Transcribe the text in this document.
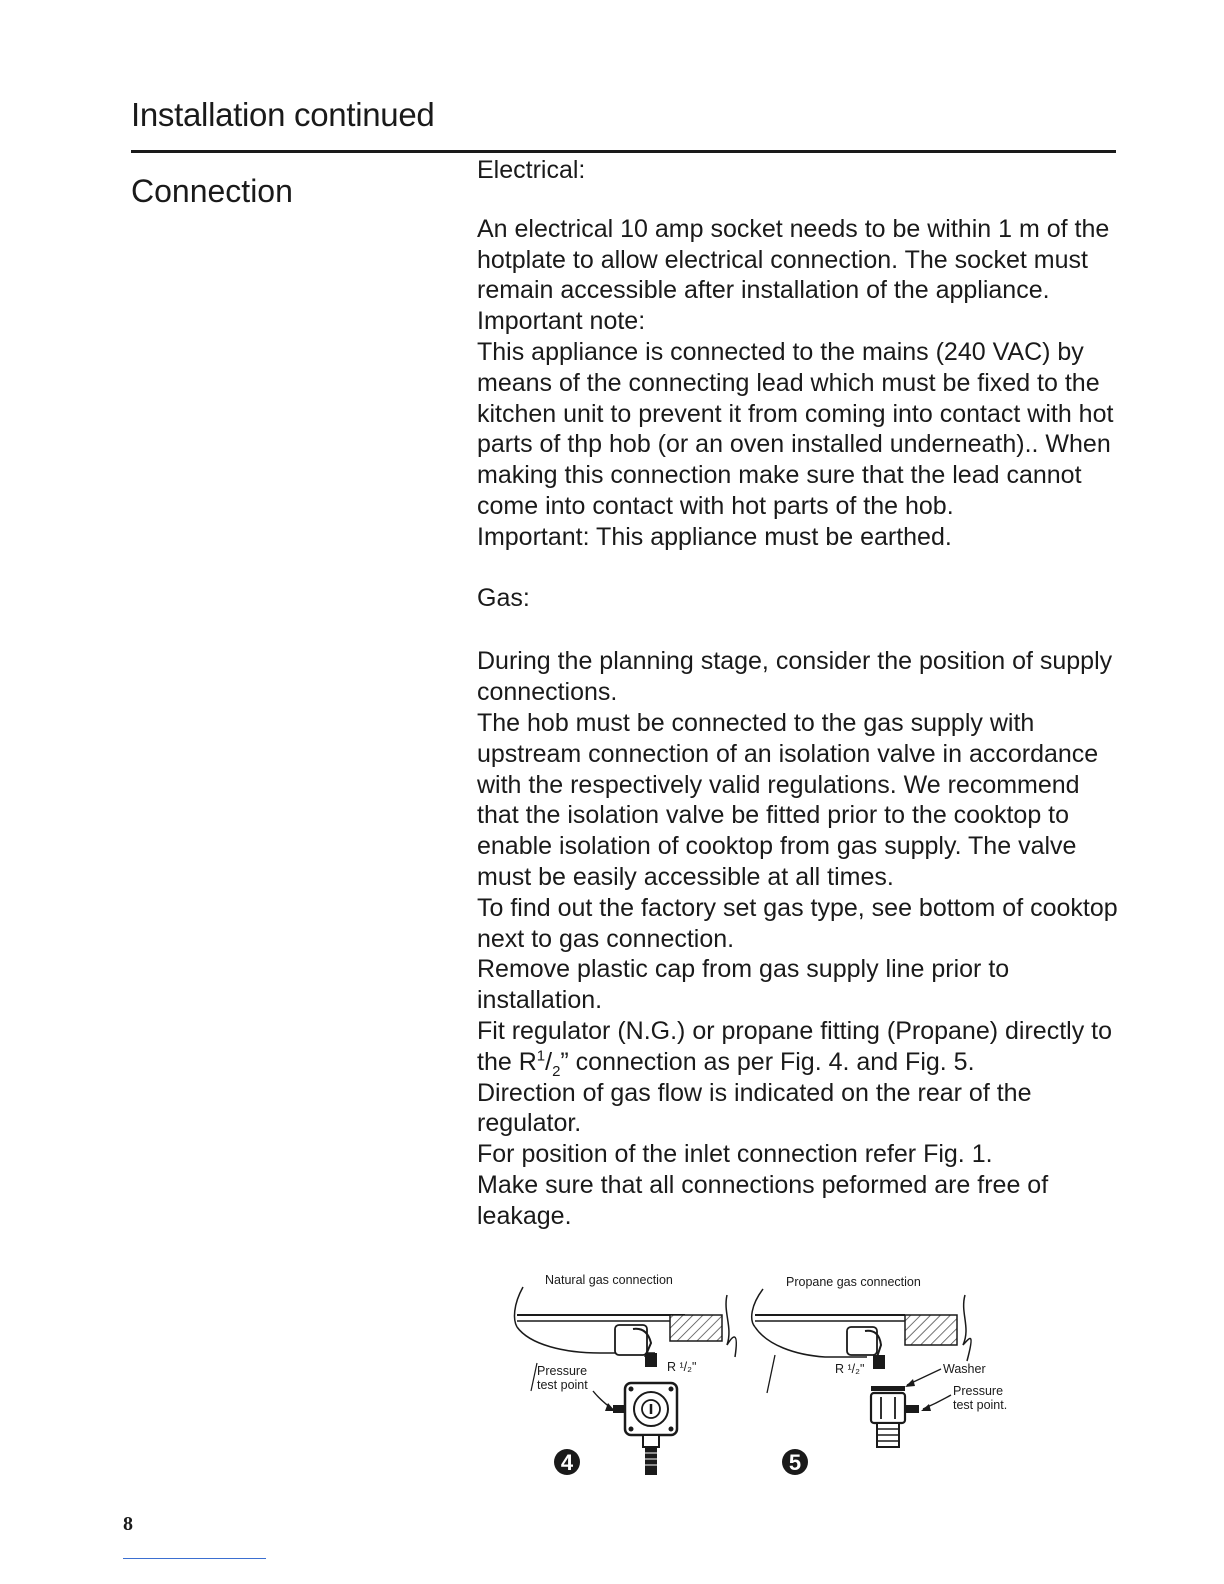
Installation continued
Connection

Electrical:

An electrical 10 amp socket needs to be within 1 m of the hotplate to allow electrical connection. The socket must remain accessible after installation of the appliance.

Important note:

This appliance is connected to the mains (240 VAC) by means of the connecting lead which must be fixed to the kitchen unit to prevent it from coming into contact with hot parts of thp hob (or an oven installed underneath).. When making this connection make sure that the lead cannot come into contact with hot parts of the hob.

Important: This appliance must be earthed.

Gas:

During the planning stage, consider the position of supply connections.

The hob must be connected to the gas supply with upstream connection of an isolation valve in accordance with the respectively valid regulations. We recommend that the isolation valve be fitted prior to the cooktop to enable isolation of cooktop from gas supply. The valve must be easily accessible at all times.

To find out the factory set gas type, see bottom of cooktop next to gas connection.

Remove plastic cap from gas supply line prior to installation.

Fit regulator (N.G.) or propane fitting (Propane) directly to the $R^1/_2$” connection as per Fig. 4. and Fig. 5.

Direction of gas flow is indicated on the rear of the regulator.

For position of the inlet connection refer Fig. 1.

Make sure that all connections peformed are free of leakage.

Natural gas connection
R ¹/₂"
Pressure
test point
4
Propane gas connection
R ¹/₂"	Washer
Pressure
test point.
5
8
